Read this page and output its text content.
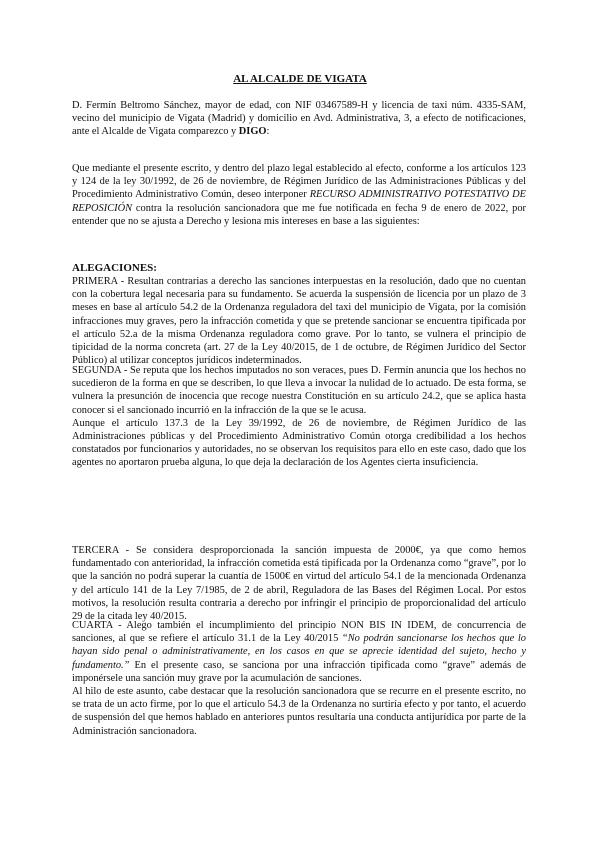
AL ALCALDE DE VIGATA
D. Fermín Beltromo Sánchez, mayor de edad, con NIF 03467589-H y licencia de taxi núm. 4335-SAM, vecino del municipio de Vigata (Madrid) y domicilio en Avd. Administrativa, 3, a efecto de notificaciones, ante el Alcalde de Vigata comparezco y DIGO:
Que mediante el presente escrito, y dentro del plazo legal establecido al efecto, conforme a los artículos 123 y 124 de la ley 30/1992, de 26 de noviembre, de Régimen Jurídico de las Administraciones Públicas y del Procedimiento Administrativo Común, deseo interponer RECURSO ADMINISTRATIVO POTESTATIVO DE REPOSICIÓN contra la resolución sancionadora que me fue notificada en fecha 9 de enero de 2022, por entender que no se ajusta a Derecho y lesiona mis intereses en base a las siguientes:
ALEGACIONES:
PRIMERA - Resultan contrarias a derecho las sanciones interpuestas en la resolución, dado que no cuentan con la cobertura legal necesaria para su fundamento. Se acuerda la suspensión de licencia por un plazo de 3 meses en base al artículo 54.2 de la Ordenanza reguladora del taxi del municipio de Vigata, por la comisión infracciones muy graves, pero la infracción cometida y que se pretende sancionar se encuentra tipificada por el artículo 52.a de la misma Ordenanza reguladora como grave. Por lo tanto, se vulnera el principio de tipicidad de la norma concreta (art. 27 de la Ley 40/2015, de 1 de octubre, de Régimen Jurídico del Sector Público) al utilizar conceptos jurídicos indeterminados.

SEGUNDA - Se reputa que los hechos imputados no son veraces, pues D. Fermín anuncia que los hechos no sucedieron de la forma en que se describen, lo que lleva a invocar la nulidad de lo actuado. De esta forma, se vulnera la presunción de inocencia que recoge nuestra Constitución en su artículo 24.2, que se aplica hasta conocer si el sancionado incurrió en la infracción de la que se le acusa.

Aunque el artículo 137.3 de la Ley 39/1992, de 26 de noviembre, de Régimen Jurídico de las Administraciones públicas y del Procedimiento Administrativo Común otorga credibilidad a los hechos constatados por funcionarios y autoridades, no se observan los requisitos para ello en este caso, dado que los agentes no aportaron prueba alguna, lo que deja la declaración de los Agentes cierta insuficiencia.

TERCERA - Se considera desproporcionada la sanción impuesta de 2000€, ya que como hemos fundamentado con anterioridad, la infracción cometida está tipificada por la Ordenanza como “grave”, por lo que la sanción no podrá superar la cuantía de 1500€ en virtud del artículo 54.1 de la mencionada Ordenanza y del artículo 141 de la Ley 7/1985, de 2 de abril, Reguladora de las Bases del Régimen Local. Por estos motivos, la resolución resulta contraria a derecho por infringir el principio de proporcionalidad del artículo 29 de la citada ley 40/2015.

CUARTA - Alego también el incumplimiento del principio NON BIS IN IDEM, de concurrencia de sanciones, al que se refiere el artículo 31.1 de la Ley 40/2015 “No podrán sancionarse los hechos que lo hayan sido penal o administrativamente, en los casos en que se aprecie identidad del sujeto, hecho y fundamento.” En el presente caso, se sanciona por una infracción tipificada como “grave” además de imponérsele una sanción muy grave por la acumulación de sanciones.

Al hilo de este asunto, cabe destacar que la resolución sancionadora que se recurre en el presente escrito, no se trata de un acto firme, por lo que el artículo 54.3 de la Ordenanza no surtiría efecto y por tanto, el acuerdo de suspensión del que hemos hablado en anteriores puntos resultaría una conducta antijurídica por parte de la Administración sancionadora.
